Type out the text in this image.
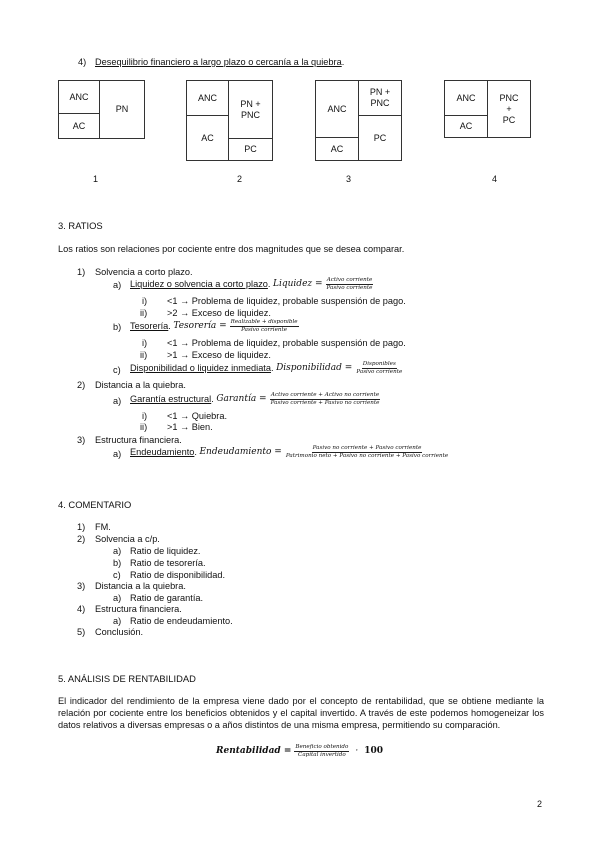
4) Desequilibrio financiero a largo plazo o cercanía a la quiebra.
ANC
AC
PN
1
ANC
AC
PN +
PNC
PC
2
ANC
AC
PN +
PNC
PC
3
ANC
AC
PNC
+
PC
4
3. RATIOS
Los ratios son relaciones por cociente entre dos magnitudes que se desea comparar.
1) Solvencia a corto plazo.
a) Liquidez o solvencia a corto plazo . Liquidez = $\frac{\text{Activo corriente}}{\text{Pasivo corriente}}$
i) <1 → Problema de liquidez, probable suspensión de pago.
ii) >2 → Exceso de liquidez.
b) Tesorería . Tesorería = $\frac{\text{Realizable + disponible}}{\text{Pasivo corriente}}$
i) <1 → Problema de liquidez, probable suspensión de pago.
ii) >1 → Exceso de liquidez.
c) Disponibilidad o liquidez inmediata . Disponibilidad = $\frac{\text{Disponibles}}{\text{Pasivo corriente}}$
2) Distancia a la quiebra.
a) Garantía estructural . Garantía = $\frac{\text{Activo corriente + Activo no corriente}}{\text{Pasivo corriente + Pasivo no corriente}}$
i) <1 → Quiebra.
ii) >1 → Bien.
3) Estructura financiera.
a) Endeudamiento . Endeudamiento = $\frac{\text{Pasivo no corriente + Pasivo corriente}}{\text{Patrimonio neto + Pasivo no corriente + Pasivo corriente}}$
4. COMENTARIO
1) FM.
2) Solvencia a c/p.
a) Ratio de liquidez.
b) Ratio de tesorería.
c) Ratio de disponibilidad.
3) Distancia a la quiebra.
a) Ratio de garantía.
4) Estructura financiera.
a) Ratio de endeudamiento.
5) Conclusión.
5. ANÁLISIS DE RENTABILIDAD
El indicador del rendimiento de la empresa viene dado por el concepto de rentabilidad, que se obtiene mediante la relación por cociente entre los beneficios obtenidos y el capital invertido. A través de este podemos homogeneizar los datos relativos a diversas empresas o a años distintos de una misma empresa, permitiendo su comparación.
Rentabilidad = $\frac{\text{Beneficio obtenido}}{\text{Capital invertido}} \cdot 100$
2
